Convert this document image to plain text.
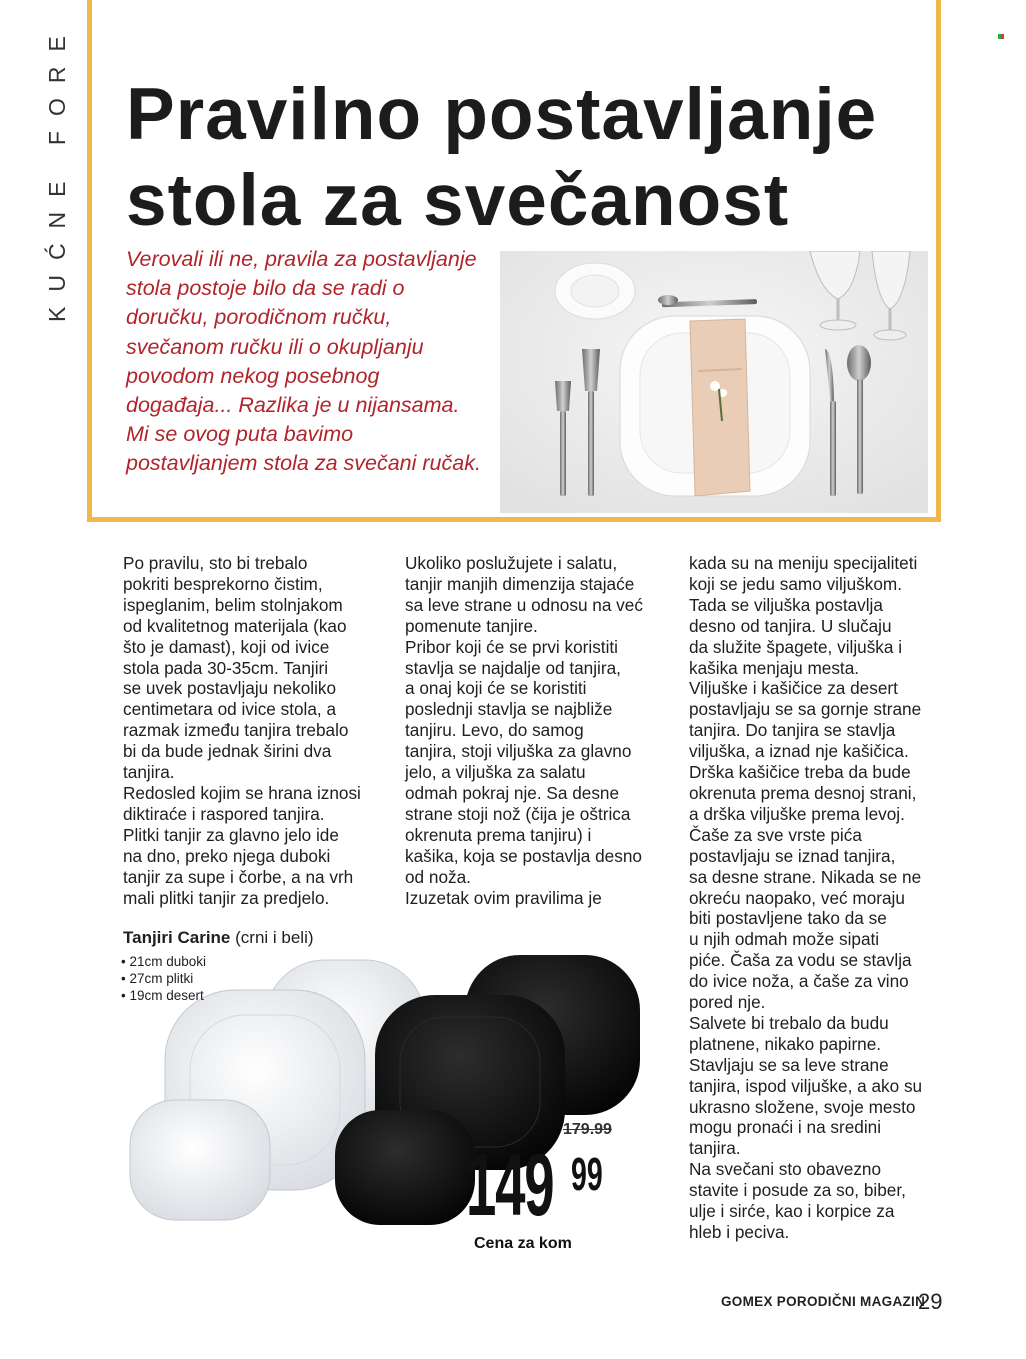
KUĆNE FORE Pravilno postavljanje
stola za svečanost

Verovali ili ne, pravila za postavljanje stola postoje bilo da se radi o doručku, porodičnom ručku, svečanom ručku ili o okupljanju povodom nekog posebnog događaja... Razlika je u nijansama. Mi se ovog puta bavimo postavljanjem stola za svečani ručak.

Po pravilu, sto bi trebalo
pokriti besprekorno čistim,
ispeglanim, belim stolnjakom
od kvalitetnog materijala (kao
što je damast), koji od ivice
stola pada 30-35cm. Tanjiri
se uvek postavljaju nekoliko
centimetara od ivice stola, a
razmak između tanjira trebalo
bi da bude jednak širini dva
tanjira.
Redosled kojim se hrana iznosi
diktiraće i raspored tanjira.
Plitki tanjir za glavno jelo ide
na dno, preko njega duboki
tanjir za supe i čorbe, a na vrh
mali plitki tanjir za predjelo.

Ukoliko poslužujete i salatu,
tanjir manjih dimenzija stajaće
sa leve strane u odnosu na već
pomenute tanjire.
Pribor koji će se prvi koristiti
stavlja se najdalje od tanjira,
a onaj koji će se koristiti
poslednji stavlja se najbliže
tanjiru. Levo, do samog
tanjira, stoji viljuška za glavno
jelo, a viljuška za salatu
odmah pokraj nje. Sa desne
strane stoji nož (čija je oštrica
okrenuta prema tanjiru) i
kašika, koja se postavlja desno
od noža.
Izuzetak ovim pravilima je

kada su na meniju specijaliteti
koji se jedu samo viljuškom.
Tada se viljuška postavlja
desno od tanjira. U slučaju
da služite špagete, viljuška i
kašika menjaju mesta.
Viljuške i kašičice za desert
postavljaju se sa gornje strane
tanjira. Do tanjira se stavlja
viljuška, a iznad nje kašičica.
Drška kašičice treba da bude
okrenuta prema desnoj strani,
a drška viljuške prema levoj.
Čaše za sve vrste pića
postavljaju se iznad tanjira,
sa desne strane. Nikada se ne
okreću naopako, već moraju
biti postavljene tako da se
u njih odmah može sipati
piće. Čaša za vodu se stavlja
do ivice noža, a čaše za vino
pored nje.
Salvete bi trebalo da budu
platnene, nikako papirne.
Stavljaju se sa leve strane
tanjira, ispod viljuške, a ako su
ukrasno složene, svoje mesto
mogu pronaći i na sredini
tanjira.
Na svečani sto obavezno
stavite i posude za so, biber,
ulje i sirće, kao i korpice za
hleb i peciva.

Tanjiri Carine (crni i beli)
• 21cm duboki
• 27cm plitki
• 19cm desert
179.99
149 99
Cena za kom
GOMEX PORODIČNI MAGAZIN
29
